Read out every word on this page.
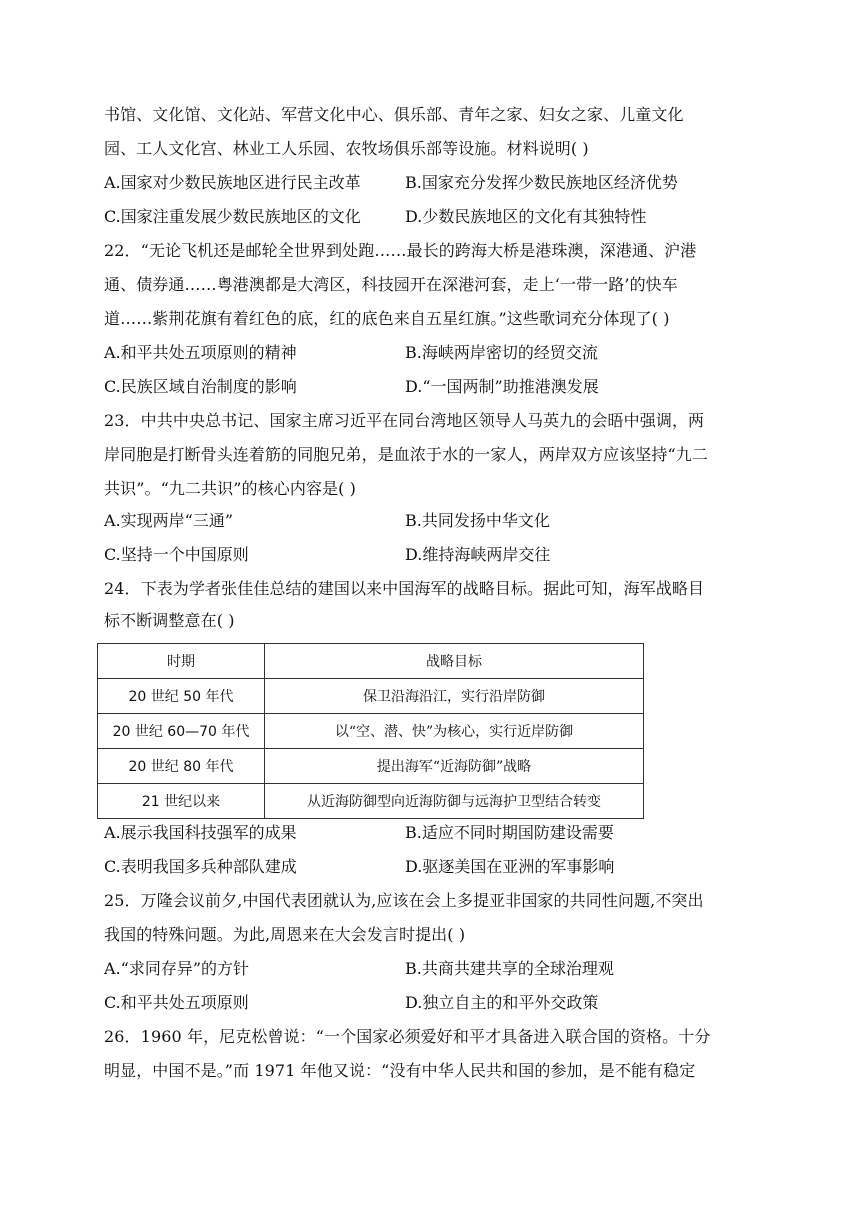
书馆、文化馆、文化站、军营文化中心、俱乐部、青年之家、妇女之家、儿童文化
园、工人文化宫、林业工人乐园、农牧场俱乐部等设施。材料说明( )
A.国家对少数民族地区进行民主改革	B.国家充分发挥少数民族地区经济优势
C.国家注重发展少数民族地区的文化	D.少数民族地区的文化有其独特性
22．“无论飞机还是邮轮全世界到处跑……最长的跨海大桥是港珠澳，深港通、沪港
通、债券通……粤港澳都是大湾区，科技园开在深港河套，走上‘一带一路’的快车
道……紫荆花旗有着红色的底，红的底色来自五星红旗。”这些歌词充分体现了( )
A.和平共处五项原则的精神	B.海峡两岸密切的经贸交流
C.民族区域自治制度的影响	D.“一国两制”助推港澳发展
23．中共中央总书记、国家主席习近平在同台湾地区领导人马英九的会晤中强调，两
岸同胞是打断骨头连着筋的同胞兄弟，是血浓于水的一家人，两岸双方应该坚持“九二
共识”。“九二共识”的核心内容是( )
A.实现两岸“三通”	B.共同发扬中华文化
C.坚持一个中国原则	D.维持海峡两岸交往
24．下表为学者张佳佳总结的建国以来中国海军的战略目标。据此可知，海军战略目
标不断调整意在( )
时期	战略目标
20 世纪 50 年代	保卫沿海沿江，实行沿岸防御
20 世纪 60—70 年代	以“空、潜、快”为核心，实行近岸防御
20 世纪 80 年代	提出海军“近海防御”战略
21 世纪以来	从近海防御型向近海防御与远海护卫型结合转变
A.展示我国科技强军的成果	B.适应不同时期国防建设需要
C.表明我国多兵种部队建成	D.驱逐美国在亚洲的军事影响
25．万隆会议前夕,中国代表团就认为,应该在会上多提亚非国家的共同性问题,不突出
我国的特殊问题。为此,周恩来在大会发言时提出( )
A.“求同存异”的方针	B.共商共建共享的全球治理观
C.和平共处五项原则	D.独立自主的和平外交政策
26．1960 年，尼克松曾说：“一个国家必须爱好和平才具备进入联合国的资格。十分
明显，中国不是。”而 1971 年他又说：“没有中华人民共和国的参加，是不能有稳定
